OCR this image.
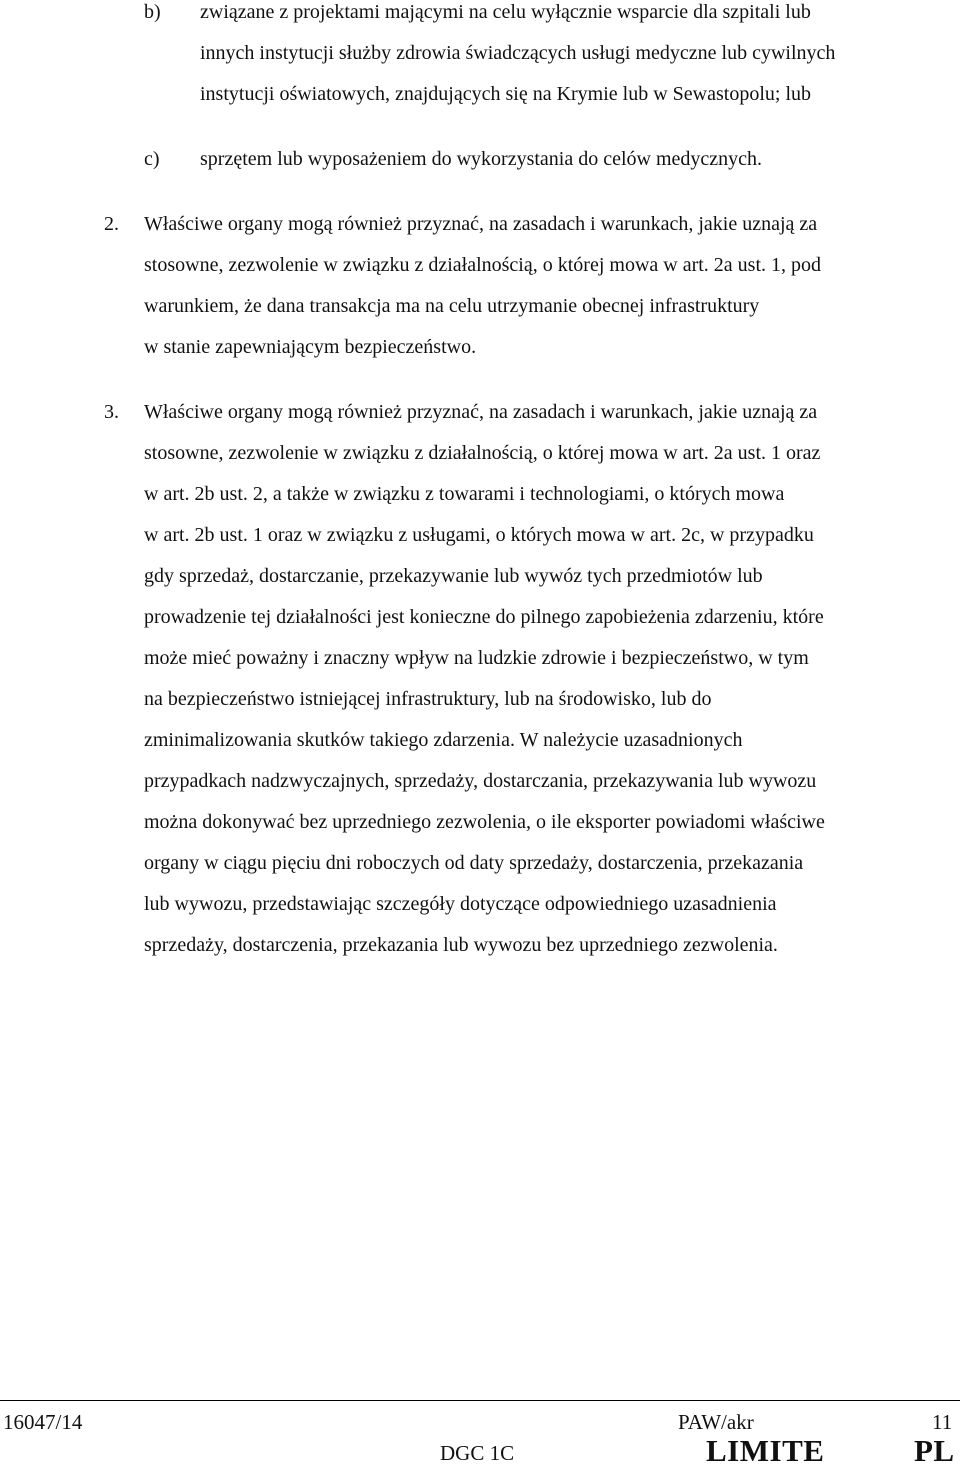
b) związane z projektami mającymi na celu wyłącznie wsparcie dla szpitali lub
innych instytucji służby zdrowia świadczących usługi medyczne lub cywilnych
instytucji oświatowych, znajdujących się na Krymie lub w Sewastopolu; lub
c) sprzętem lub wyposażeniem do wykorzystania do celów medycznych.
2. Właściwe organy mogą również przyznać, na zasadach i warunkach, jakie uznają za
stosowne, zezwolenie w związku z działalnością, o której mowa w art. 2a ust. 1, pod
warunkiem, że dana transakcja ma na celu utrzymanie obecnej infrastruktury
w stanie zapewniającym bezpieczeństwo.
3. Właściwe organy mogą również przyznać, na zasadach i warunkach, jakie uznają za
stosowne, zezwolenie w związku z działalnością, o której mowa w art. 2a ust. 1 oraz
w art. 2b ust. 2, a także w związku z towarami i technologiami, o których mowa
w art. 2b ust. 1 oraz w związku z usługami, o których mowa w art. 2c, w przypadku
gdy sprzedaż, dostarczanie, przekazywanie lub wywóz tych przedmiotów lub
prowadzenie tej działalności jest konieczne do pilnego zapobieżenia zdarzeniu, które
może mieć poważny i znaczny wpływ na ludzkie zdrowie i bezpieczeństwo, w tym
na bezpieczeństwo istniejącej infrastruktury, lub na środowisko, lub do
zminimalizowania skutków takiego zdarzenia. W należycie uzasadnionych
przypadkach nadzwyczajnych, sprzedaży, dostarczania, przekazywania lub wywozu
można dokonywać bez uprzedniego zezwolenia, o ile eksporter powiadomi właściwe
organy w ciągu pięciu dni roboczych od daty sprzedaży, dostarczenia, przekazania
lub wywozu, przedstawiając szczegóły dotyczące odpowiedniego uzasadnienia
sprzedaży, dostarczenia, przekazania lub wywozu bez uprzedniego zezwolenia.
16047/14	PAW/akr	11
DGC 1C	LIMITE	PL
